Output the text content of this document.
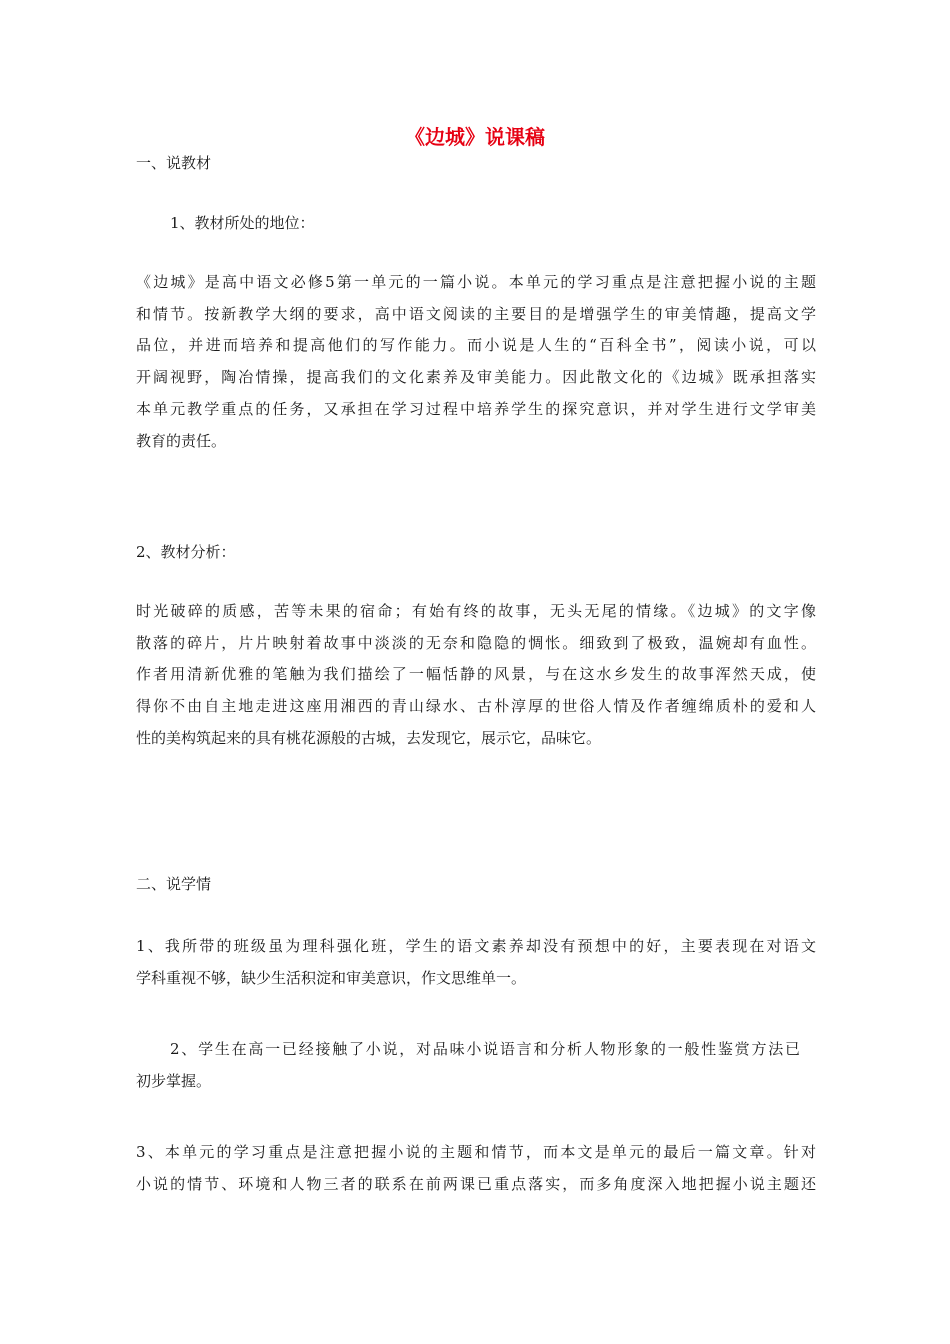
《边城》说课稿
一、说教材
1、教材所处的地位：
《边城》是高中语文必修5第一单元的一篇小说。本单元的学习重点是注意把握小说的主题
和情节。按新教学大纲的要求，高中语文阅读的主要目的是增强学生的审美情趣，提高文学
品位，并进而培养和提高他们的写作能力。而小说是人生的“百科全书”，阅读小说，可以
开阔视野，陶冶情操，提高我们的文化素养及审美能力。因此散文化的《边城》既承担落实
本单元教学重点的任务，又承担在学习过程中培养学生的探究意识，并对学生进行文学审美
教育的责任。
2、教材分析：
时光破碎的质感，苦等未果的宿命；有始有终的故事，无头无尾的情缘。《边城》的文字像
散落的碎片，片片映射着故事中淡淡的无奈和隐隐的惆怅。细致到了极致，温婉却有血性。
作者用清新优雅的笔触为我们描绘了一幅恬静的风景，与在这水乡发生的故事浑然天成，使
得你不由自主地走进这座用湘西的青山绿水、古朴淳厚的世俗人情及作者缠绵质朴的爱和人
性的美构筑起来的具有桃花源般的古城，去发现它，展示它，品味它。
二、说学情
1、我所带的班级虽为理科强化班，学生的语文素养却没有预想中的好，主要表现在对语文
学科重视不够，缺少生活积淀和审美意识，作文思维单一。
2、学生在高一已经接触了小说，对品味小说语言和分析人物形象的一般性鉴赏方法已
初步掌握。
3、本单元的学习重点是注意把握小说的主题和情节，而本文是单元的最后一篇文章。针对
小说的情节、环境和人物三者的联系在前两课已重点落实，而多角度深入地把握小说主题还
